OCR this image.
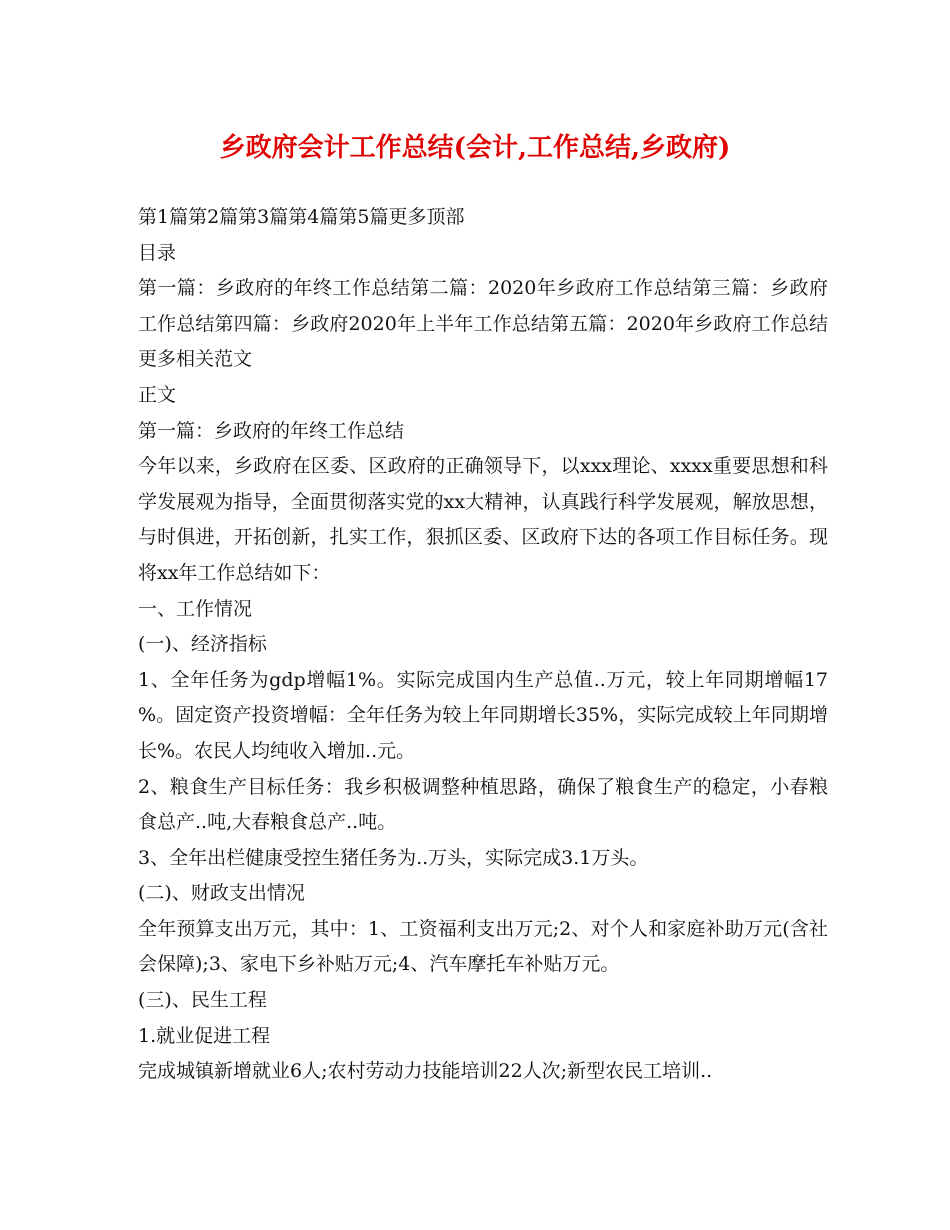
乡政府会计工作总结(会计,工作总结,乡政府)

第1篇第2篇第3篇第4篇第5篇更多顶部

目录

第一篇：乡政府的年终工作总结第二篇：2020年乡政府工作总结第三篇：乡政府工作总结第四篇：乡政府2020年上半年工作总结第五篇：2020年乡政府工作总结更多相关范文

正文

第一篇：乡政府的年终工作总结

今年以来，乡政府在区委、区政府的正确领导下，以xxx理论、xxxx重要思想和科学发展观为指导，全面贯彻落实党的xx大精神，认真践行科学发展观，解放思想，与时俱进，开拓创新，扎实工作，狠抓区委、区政府下达的各项工作目标任务。现将xx年工作总结如下：

一、工作情况

(一)、经济指标

1、全年任务为gdp增幅1%。实际完成国内生产总值..万元，较上年同期增幅17 %。固定资产投资增幅：全年任务为较上年同期增长35%，实际完成较上年同期增长%。农民人均纯收入增加..元。

2、粮食生产目标任务：我乡积极调整种植思路，确保了粮食生产的稳定，小春粮食总产..吨,大春粮食总产..吨。

3、全年出栏健康受控生猪任务为..万头，实际完成3.1万头。

(二)、财政支出情况

全年预算支出万元，其中：1、工资福利支出万元;2、对个人和家庭补助万元(含社会保障);3、家电下乡补贴万元;4、汽车摩托车补贴万元。

(三)、民生工程

1.就业促进工程

完成城镇新增就业6人;农村劳动力技能培训22人次;新型农民工培训..
